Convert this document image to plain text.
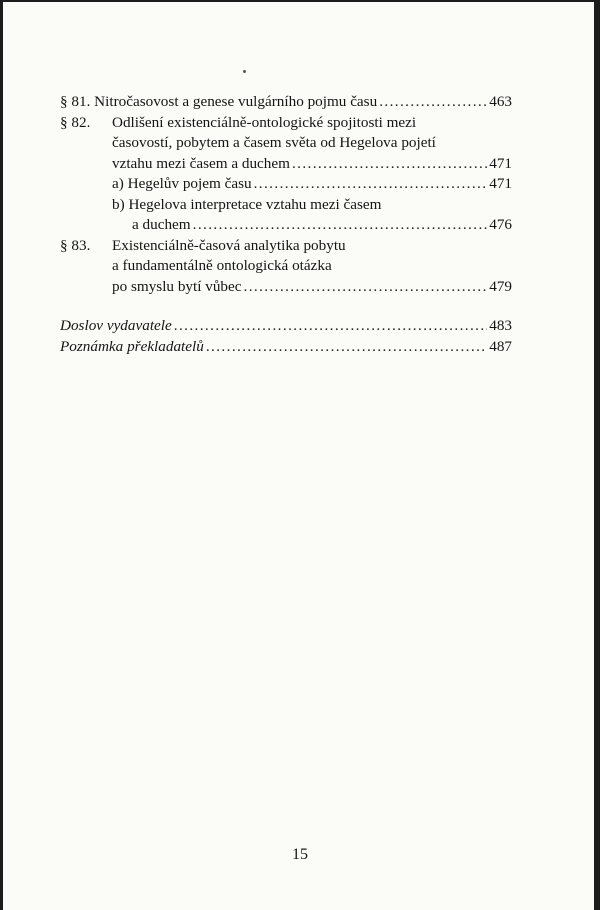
§ 81. Nitročasovost a genese vulgárního pojmu času .....	463
§ 82.	Odlišení existenciálně-ontologické spojitosti mezi
časovostí, pobytem a časem světa od Hegelova pojetí
vztahu mezi časem a duchem .....	471
a) Hegelův pojem času .....	471
b) Hegelova interpretace vztahu mezi časem
a duchem .....	476
§ 83.	Existenciálně-časová analytika pobytu
a fundamentálně ontologická otázka
po smyslu bytí vůbec .....	479
Doslov vydavatele .....	483
Poznámka překladatelů .....	487
15
